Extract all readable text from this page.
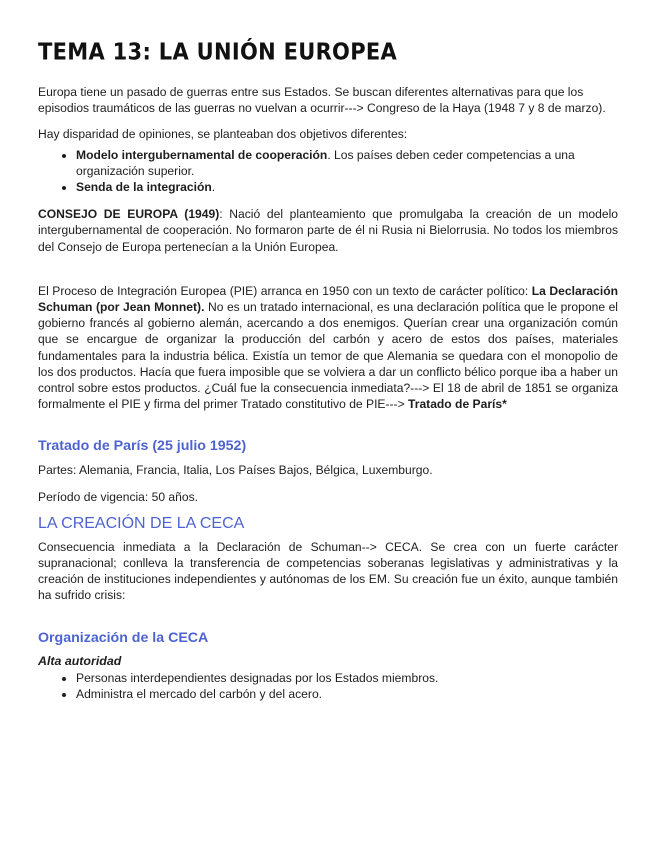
TEMA 13: LA UNIÓN EUROPEA

Europa tiene un pasado de guerras entre sus Estados. Se buscan diferentes alternativas para que los episodios traumáticos de las guerras no vuelvan a ocurrir---> Congreso de la Haya (1948 7 y 8 de marzo).

Hay disparidad de opiniones, se planteaban dos objetivos diferentes:

• Modelo intergubernamental de cooperación. Los países deben ceder competencias a una organización superior.
• Senda de la integración.

CONSEJO DE EUROPA (1949): Nació del planteamiento que promulgaba la creación de un modelo intergubernamental de cooperación. No formaron parte de él ni Rusia ni Bielorrusia. No todos los miembros del Consejo de Europa pertenecían a la Unión Europea.

El Proceso de Integración Europea (PIE) arranca en 1950 con un texto de carácter político: La Declaración Schuman (por Jean Monnet). No es un tratado internacional, es una declaración política que le propone el gobierno francés al gobierno alemán, acercando a dos enemigos. Querían crear una organización común que se encargue de organizar la producción del carbón y acero de estos dos países, materiales fundamentales para la industria bélica. Existía un temor de que Alemania se quedara con el monopolio de los dos productos. Hacía que fuera imposible que se volviera a dar un conflicto bélico porque iba a haber un control sobre estos productos. ¿Cuál fue la consecuencia inmediata?---> El 18 de abril de 1851 se organiza formalmente el PIE y firma del primer Tratado constitutivo de PIE---> Tratado de París*

Tratado de París (25 julio 1952)

Partes: Alemania, Francia, Italia, Los Países Bajos, Bélgica, Luxemburgo.

Período de vigencia: 50 años.

LA CREACIÓN DE LA CECA

Consecuencia inmediata a la Declaración de Schuman--> CECA. Se crea con un fuerte carácter supranacional; conlleva la transferencia de competencias soberanas legislativas y administrativas y la creación de instituciones independientes y autónomas de los EM. Su creación fue un éxito, aunque también ha sufrido crisis:

Organización de la CECA
Alta autoridad
• Personas interdependientes designadas por los Estados miembros.
• Administra el mercado del carbón y del acero.
